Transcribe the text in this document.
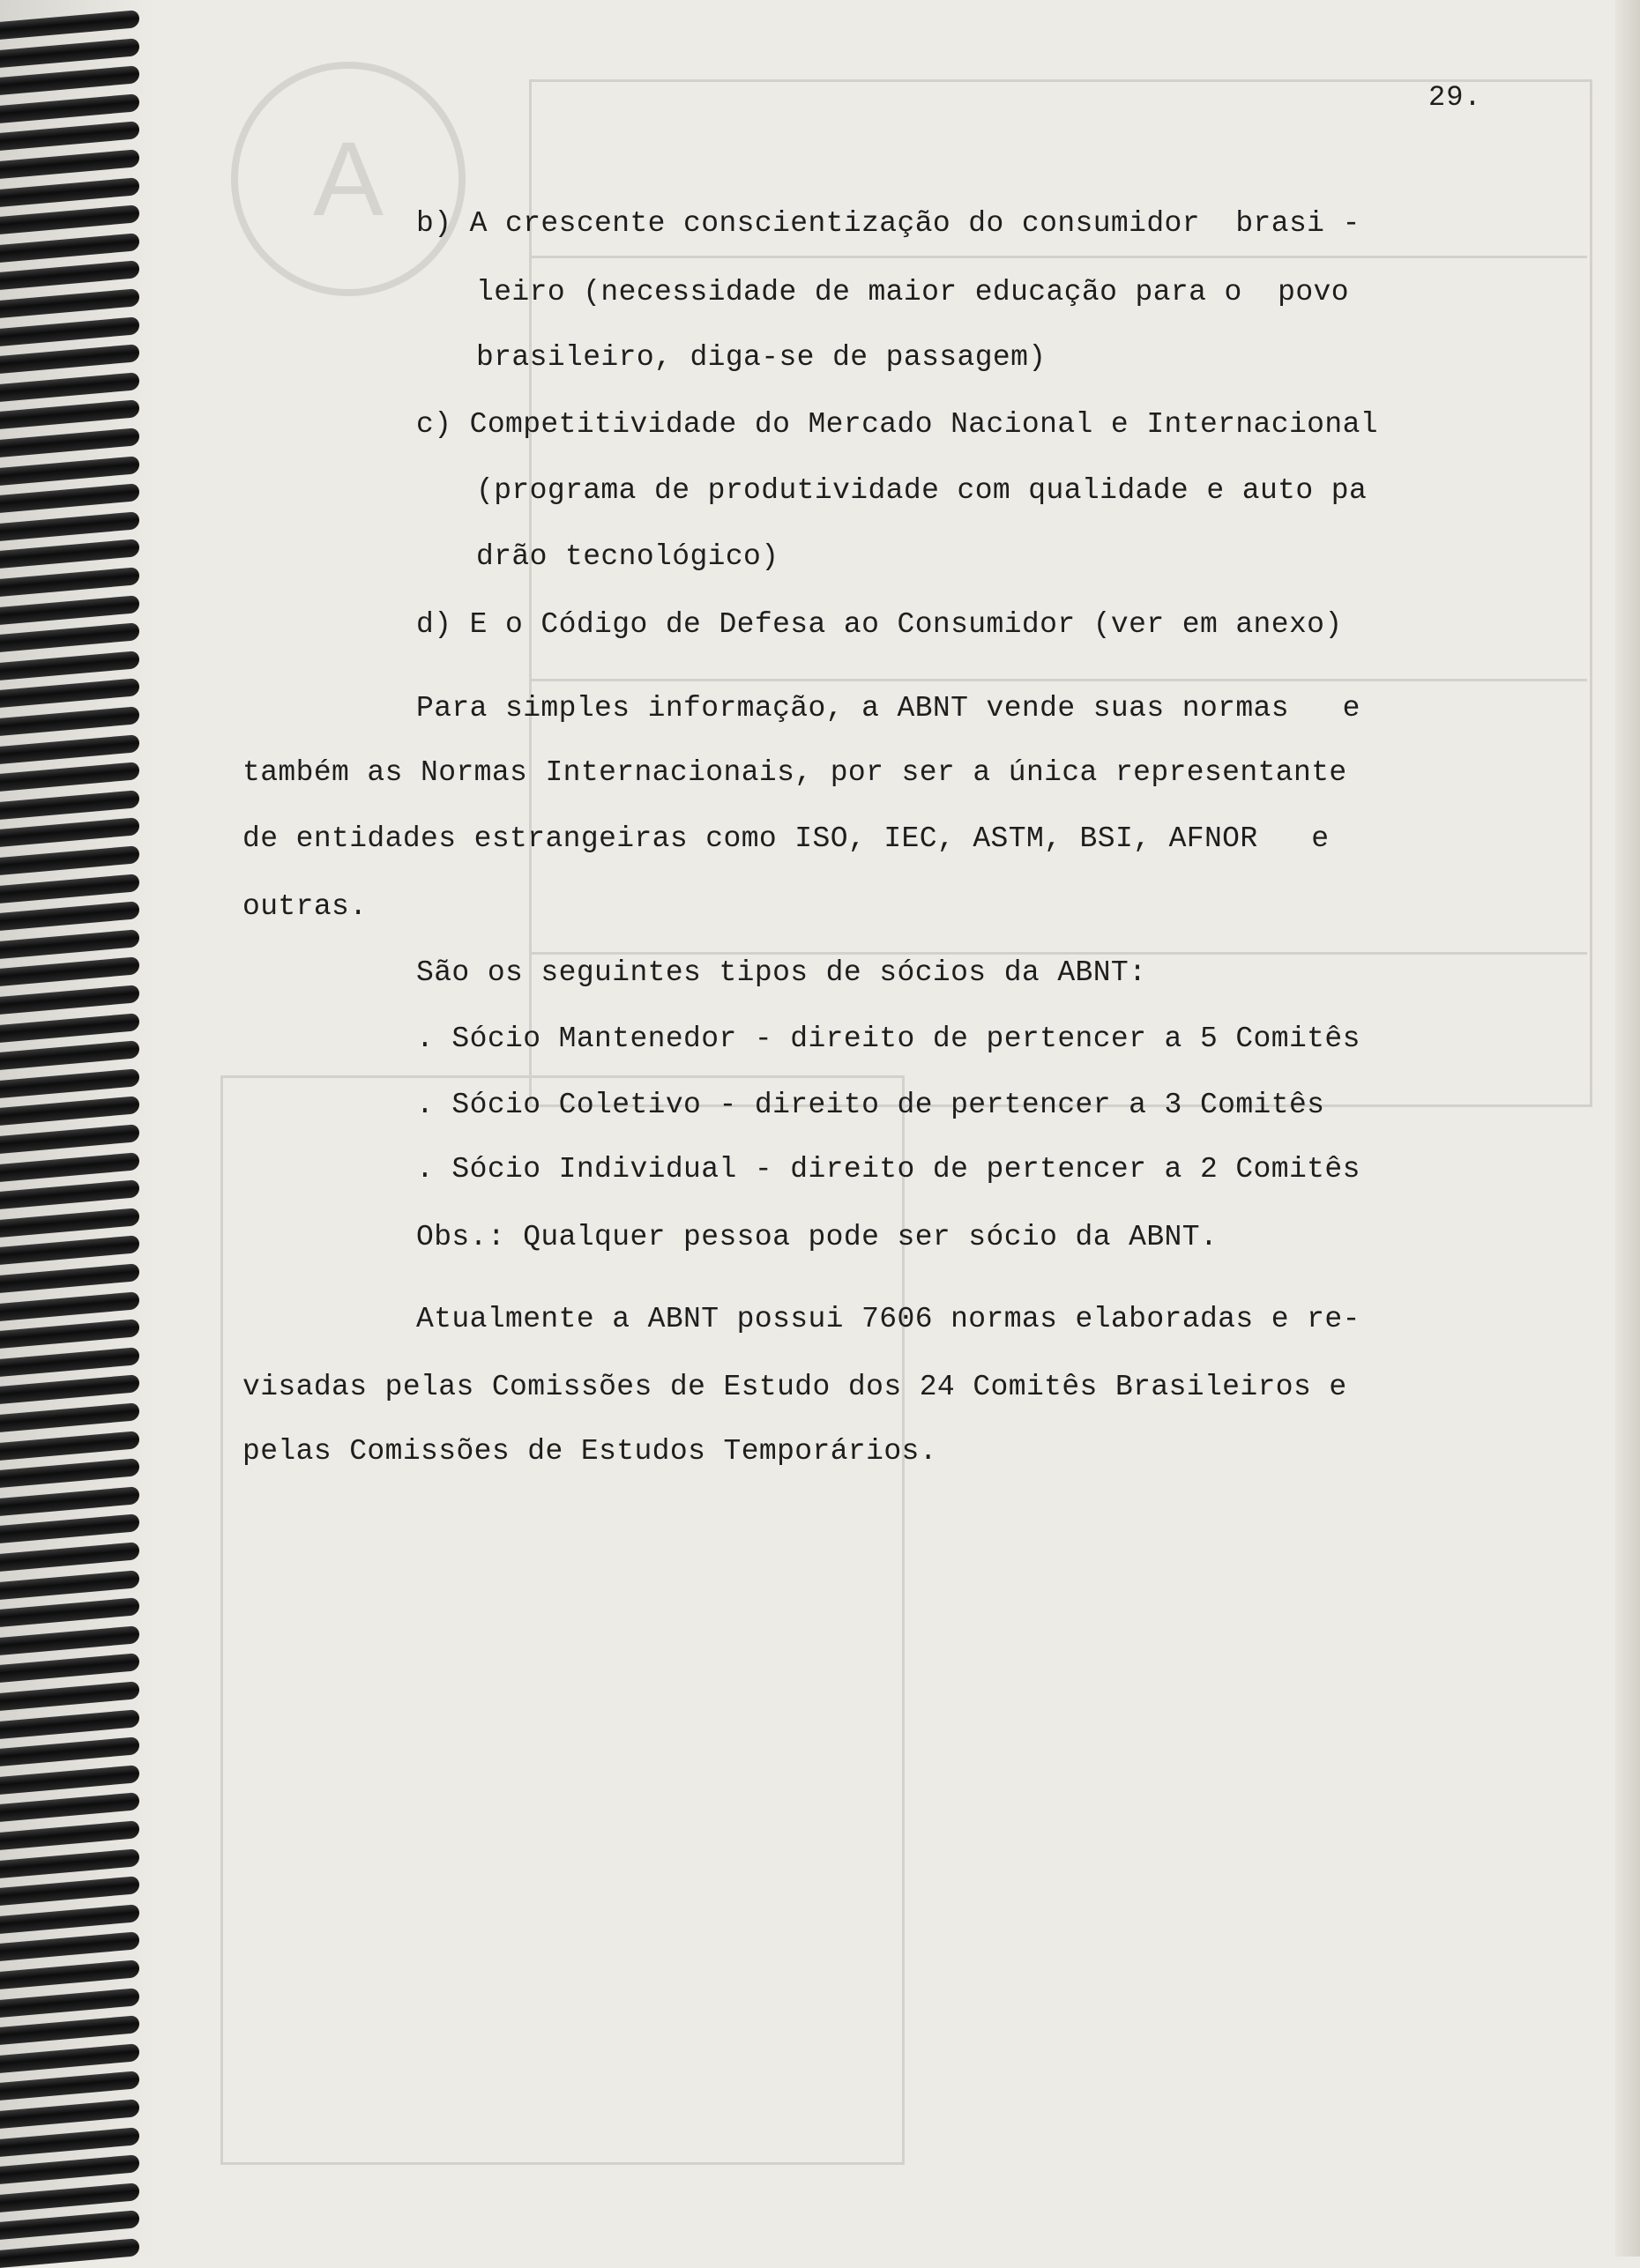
A
29.
b) A crescente conscientização do consumidor  brasi -
leiro (necessidade de maior educação para o  povo
brasileiro, diga-se de passagem)
c) Competitividade do Mercado Nacional e Internacional
(programa de produtividade com qualidade e auto pa
drão tecnológico)
d) E o Código de Defesa ao Consumidor (ver em anexo)
Para simples informação, a ABNT vende suas normas   e
também as Normas Internacionais, por ser a única representante
de entidades estrangeiras como ISO, IEC, ASTM, BSI, AFNOR   e
outras.
São os seguintes tipos de sócios da ABNT:
. Sócio Mantenedor - direito de pertencer a 5 Comitês
. Sócio Coletivo - direito de pertencer a 3 Comitês
. Sócio Individual - direito de pertencer a 2 Comitês
Obs.: Qualquer pessoa pode ser sócio da ABNT.
Atualmente a ABNT possui 7606 normas elaboradas e re-
visadas pelas Comissões de Estudo dos 24 Comitês Brasileiros e
pelas Comissões de Estudos Temporários.
